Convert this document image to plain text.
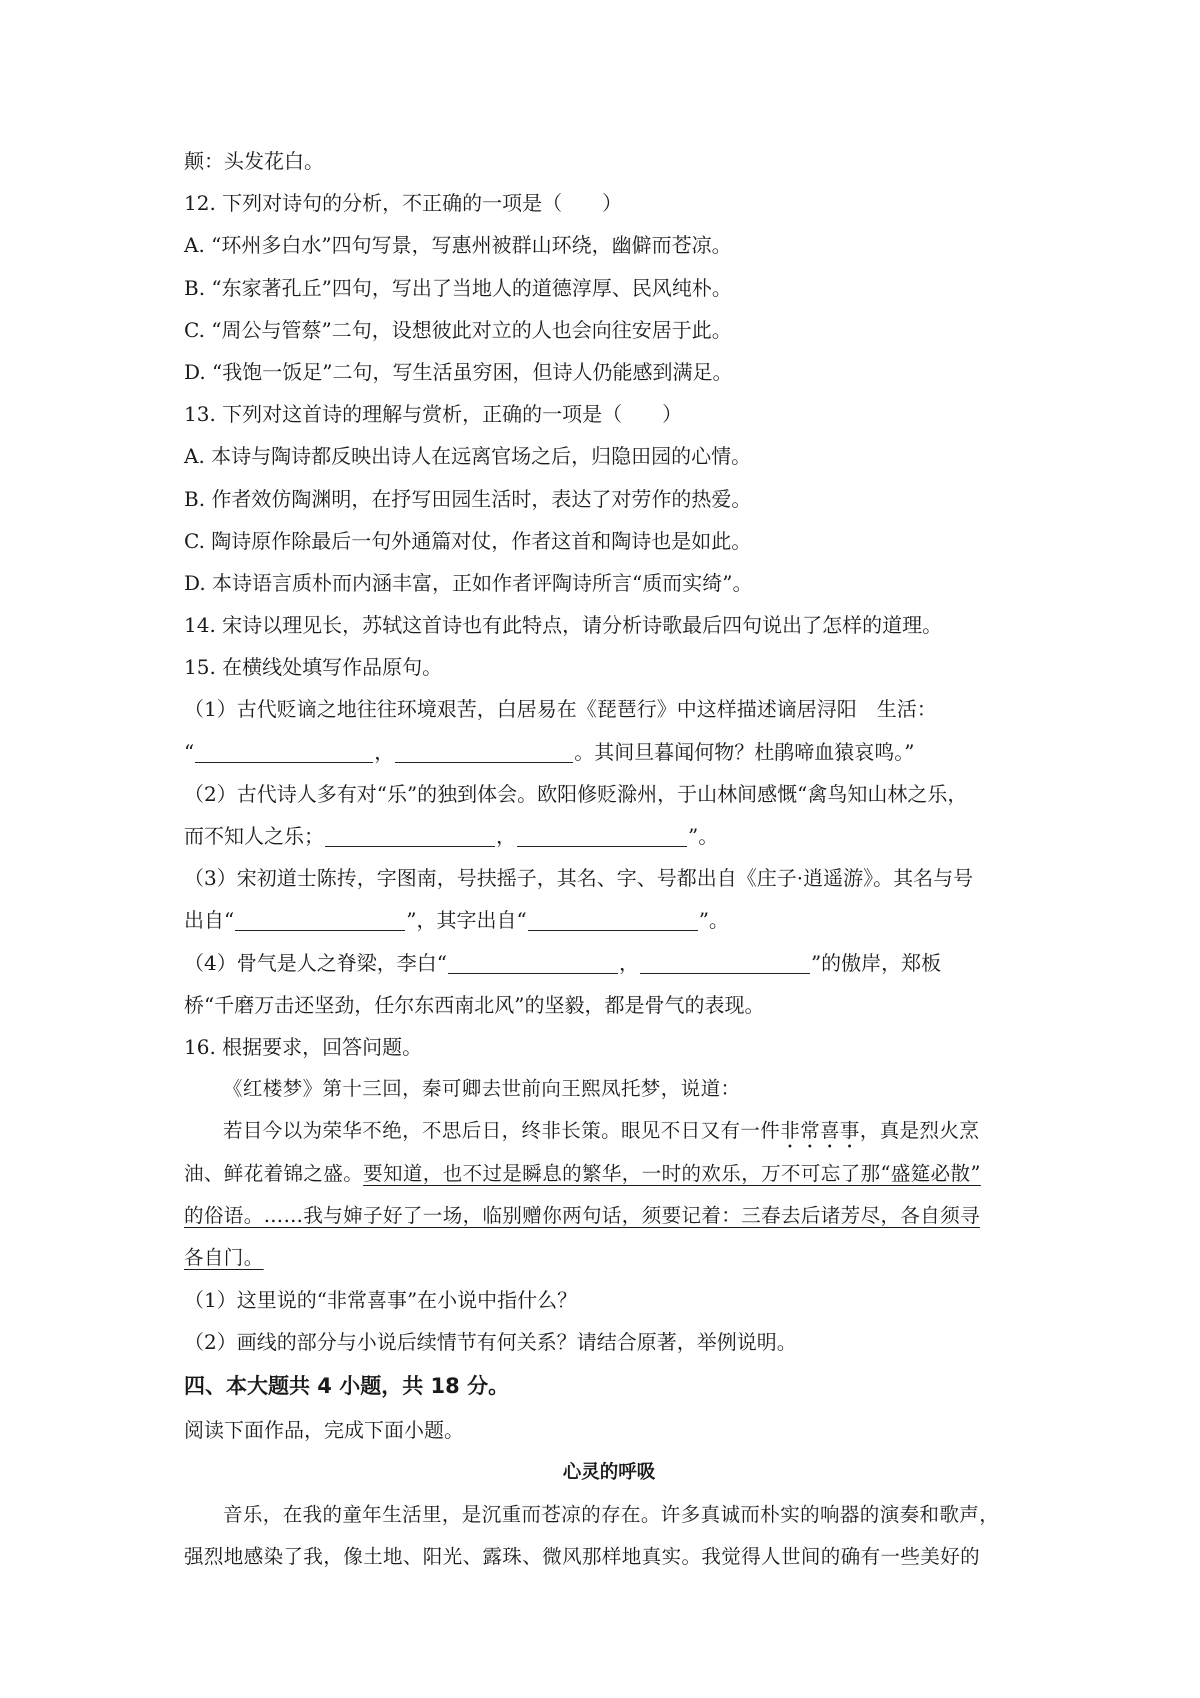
颠：头发花白。
12. 下列对诗句的分析，不正确的一项是（　　）
A. “环州多白水”四句写景，写惠州被群山环绕，幽僻而苍凉。
B. “东家著孔丘”四句，写出了当地人的道德淳厚、民风纯朴。
C. “周公与管蔡”二句，设想彼此对立的人也会向往安居于此。
D. “我饱一饭足”二句，写生活虽穷困，但诗人仍能感到满足。
13. 下列对这首诗的理解与赏析，正确的一项是（　　）
A. 本诗与陶诗都反映出诗人在远离官场之后，归隐田园的心情。
B. 作者效仿陶渊明，在抒写田园生活时，表达了对劳作的热爱。
C. 陶诗原作除最后一句外通篇对仗，作者这首和陶诗也是如此。
D. 本诗语言质朴而内涵丰富，正如作者评陶诗所言“质而实绮”。
14. 宋诗以理见长，苏轼这首诗也有此特点，请分析诗歌最后四句说出了怎样的道理。
15. 在横线处填写作品原句。
（1）古代贬谪之地往往环境艰苦，白居易在《琵琶行》中这样描述谪居浔阳　生活：
“	，	。其间旦暮闻何物？杜鹃啼血猿哀鸣。”
（2）古代诗人多有对“乐”的独到体会。欧阳修贬滁州，于山林间感慨“禽鸟知山林之乐，
而不知人之乐；	，	”。
（3）宋初道士陈抟，字图南，号扶摇子，其名、字、号都出自《庄子·逍遥游》。其名与号
出自“	”，其字出自“	”。
（4）骨气是人之脊梁，李白“	，	”的傲岸，郑板
桥“千磨万击还坚劲，任尔东西南北风”的坚毅，都是骨气的表现。
16. 根据要求，回答问题。
《红楼梦》第十三回，秦可卿去世前向王熙凤托梦，说道：
若目今以为荣华不绝，不思后日，终非长策。眼见不日又有一件非常喜事，真是烈火烹
油、鲜花着锦之盛。要知道，也不过是瞬息的繁华，一时的欢乐，万不可忘了那“盛筵必散”
的俗语。……我与婶子好了一场，临别赠你两句话，须要记着：三春去后诸芳尽，各自须寻
各自门。
（1）这里说的“非常喜事”在小说中指什么？
（2）画线的部分与小说后续情节有何关系？请结合原著，举例说明。
四、本大题共 4 小题，共 18 分。
阅读下面作品，完成下面小题。
心灵的呼吸
音乐，在我的童年生活里，是沉重而苍凉的存在。许多真诚而朴实的响器的演奏和歌声，
强烈地感染了我，像土地、阳光、露珠、微风那样地真实。我觉得人世间的确有一些美好的
